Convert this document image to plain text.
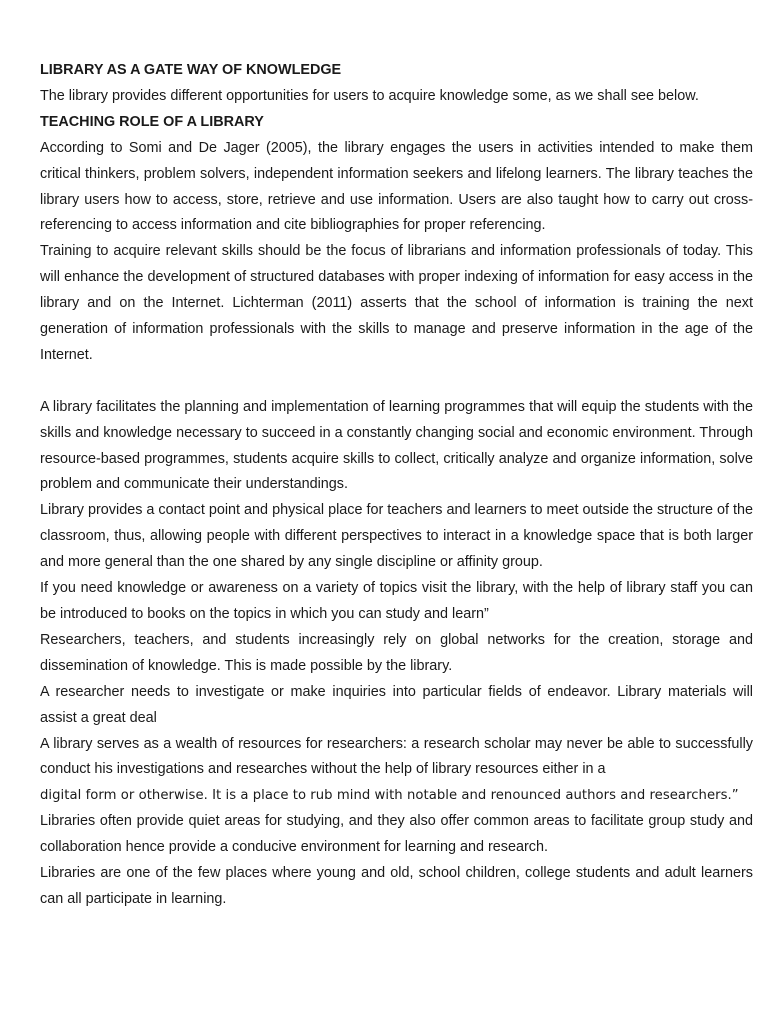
LIBRARY AS A GATE WAY OF KNOWLEDGE

The library provides different opportunities for users to acquire knowledge some, as we shall see below.

TEACHING ROLE OF A LIBRARY

According to Somi and De Jager (2005), the library engages the users in activities intended to make them critical thinkers, problem solvers, independent information seekers and lifelong learners. The library teaches the library users how to access, store, retrieve and use information. Users are also taught how to carry out cross-referencing to access information and cite bibliographies for proper referencing.

Training to acquire relevant skills should be the focus of librarians and information professionals of today. This will enhance the development of structured databases with proper indexing of information for easy access in the library and on the Internet. Lichterman (2011) asserts that the school of information is training the next generation of information professionals with the skills to manage and preserve information in the age of the Internet.

A library facilitates the planning and implementation of learning programmes that will equip the students with the skills and knowledge necessary to succeed in a constantly changing social and economic environment. Through resource-based programmes, students acquire skills to collect, critically analyze and organize information, solve problem and communicate their understandings.

Library provides a contact point and physical place for teachers and learners to meet outside the structure of the classroom, thus, allowing people with different perspectives to interact in a knowledge space that is both larger and more general than the one shared by any single discipline or affinity group.

If you need knowledge or awareness on a variety of topics visit the library, with the help of library staff you can be introduced to books on the topics in which you can study and learn”

Researchers, teachers, and students increasingly rely on global networks for the creation, storage and dissemination of knowledge. This is made possible by the library.

A researcher needs to investigate or make inquiries into particular fields of endeavor. Library materials will assist a great deal

A library serves as a wealth of resources for researchers: a research scholar may never be able to successfully conduct his investigations and researches without the help of library resources either in a

digital form or otherwise. It is a place to rub mind with notable and renounced authors and researchers.”

Libraries often provide quiet areas for studying, and they also offer common areas to facilitate group study and collaboration hence provide a conducive environment for learning and research.

Libraries are one of the few places where young and old, school children, college students and adult learners can all participate in learning.
